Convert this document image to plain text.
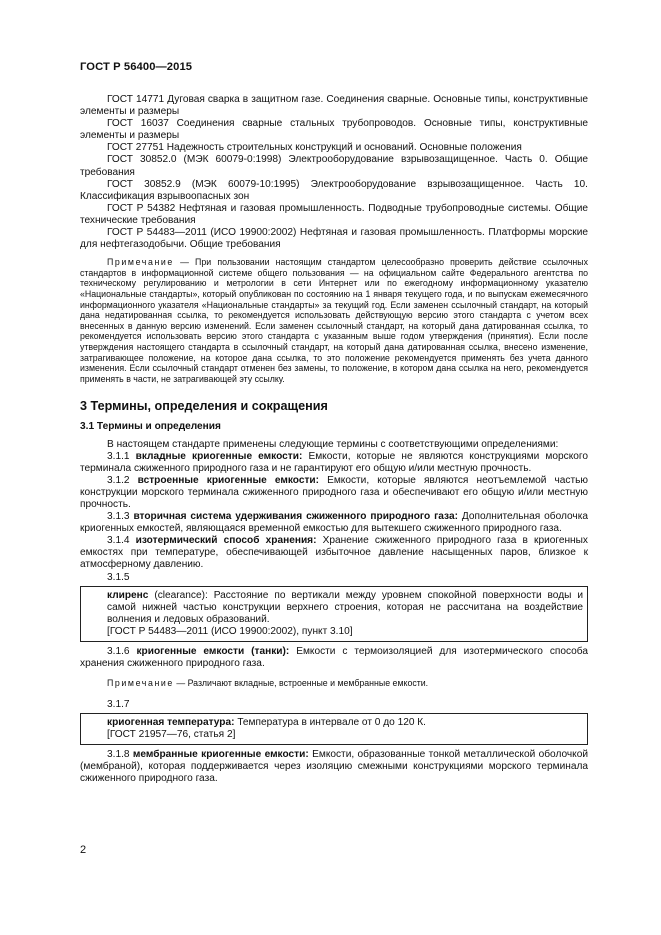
ГОСТ Р 56400—2015

ГОСТ 14771 Дуговая сварка в защитном газе. Соединения сварные. Основные типы, конструктивные элементы и размеры

ГОСТ 16037 Соединения сварные стальных трубопроводов. Основные типы, конструктивные элементы и размеры

ГОСТ 27751 Надежность строительных конструкций и оснований. Основные положения

ГОСТ 30852.0 (МЭК 60079-0:1998) Электрооборудование взрывозащищенное. Часть 0. Общие требования

ГОСТ 30852.9 (МЭК 60079-10:1995) Электрооборудование взрывозащищенное. Часть 10. Классификация взрывоопасных зон

ГОСТ Р 54382 Нефтяная и газовая промышленность. Подводные трубопроводные системы. Общие технические требования

ГОСТ Р 54483—2011 (ИСО 19900:2002) Нефтяная и газовая промышленность. Платформы морские для нефтегазодобычи. Общие требования

Примечание — При пользовании настоящим стандартом целесообразно проверить действие ссылочных стандартов в информационной системе общего пользования — на официальном сайте Федерального агентства по техническому регулированию и метрологии в сети Интернет или по ежегодному информационному указателю «Национальные стандарты», который опубликован по состоянию на 1 января текущего года, и по выпускам ежемесячного информационного указателя «Национальные стандарты» за текущий год. Если заменен ссылочный стандарт, на который дана недатированная ссылка, то рекомендуется использовать действующую версию этого стандарта с учетом всех внесенных в данную версию изменений. Если заменен ссылочный стандарт, на который дана датированная ссылка, то рекомендуется использовать версию этого стандарта с указанным выше годом утверждения (принятия). Если после утверждения настоящего стандарта в ссылочный стандарт, на который дана датированная ссылка, внесено изменение, затрагивающее положение, на которое дана ссылка, то это положение рекомендуется применять без учета данного изменения. Если ссылочный стандарт отменен без замены, то положение, в котором дана ссылка на него, рекомендуется применять в части, не затрагивающей эту ссылку.

3 Термины, определения и сокращения

3.1 Термины и определения

В настоящем стандарте применены следующие термины с соответствующими определениями:

3.1.1 вкладные криогенные емкости: Емкости, которые не являются конструкциями морского терминала сжиженного природного газа и не гарантируют его общую и/или местную прочность.

3.1.2 встроенные криогенные емкости: Емкости, которые являются неотъемлемой частью конструкции морского терминала сжиженного природного газа и обеспечивают его общую и/или местную прочность.

3.1.3 вторичная система удерживания сжиженного природного газа: Дополнительная оболочка криогенных емкостей, являющаяся временной емкостью для вытекшего сжиженного природного газа.

3.1.4 изотермический способ хранения: Хранение сжиженного природного газа в криогенных емкостях при температуре, обеспечивающей избыточное давление насыщенных паров, близкое к атмосферному давлению.

3.1.5

клиренс (clearance): Расстояние по вертикали между уровнем спокойной поверхности воды и самой нижней частью конструкции верхнего строения, которая не рассчитана на воздействие волнения и ледовых образований.

[ГОСТ Р 54483—2011 (ИСО 19900:2002), пункт 3.10]

3.1.6 криогенные емкости (танки): Емкости с термоизоляцией для изотермического способа хранения сжиженного природного газа.

Примечание — Различают вкладные, встроенные и мембранные емкости.

3.1.7

криогенная температура: Температура в интервале от 0 до 120 К.

[ГОСТ 21957—76, статья 2]

3.1.8 мембранные криогенные емкости: Емкости, образованные тонкой металлической оболочкой (мембраной), которая поддерживается через изоляцию смежными конструкциями морского терминала сжиженного природного газа.

2
